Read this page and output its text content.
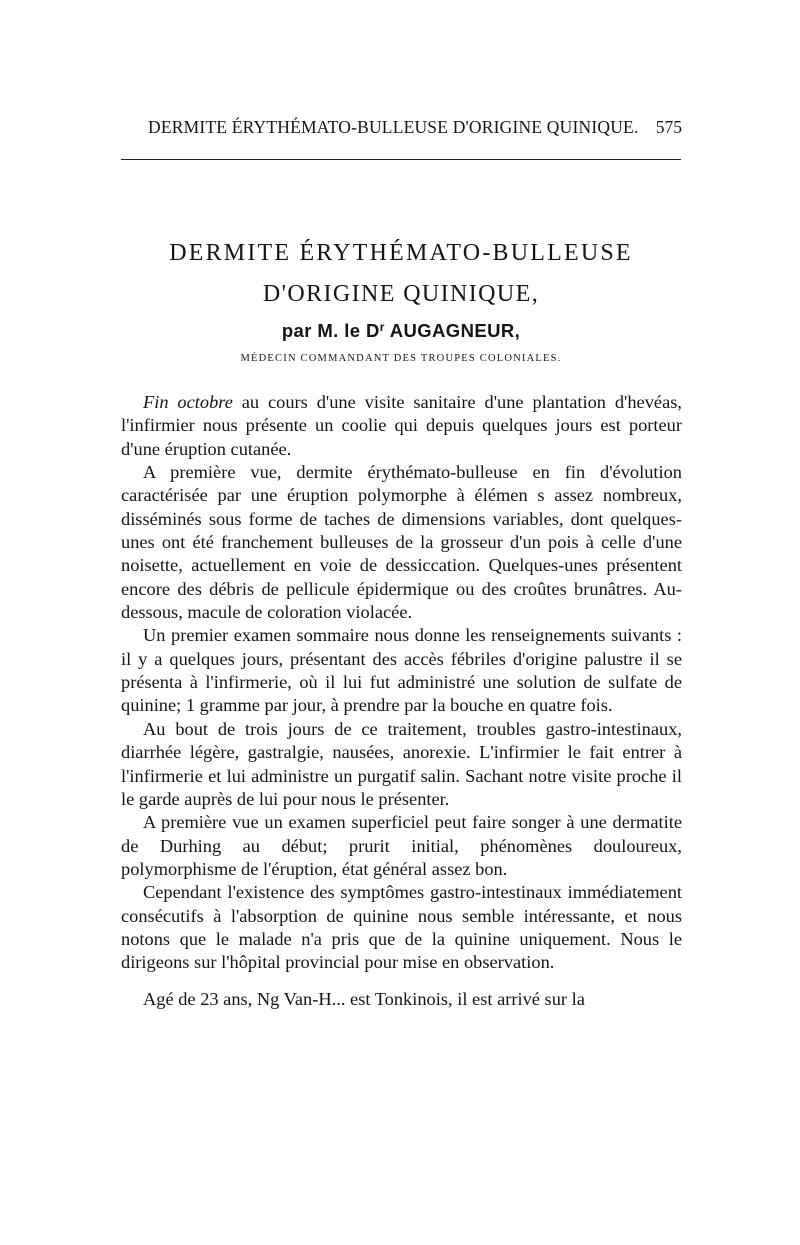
DERMITE ÉRYTHÉMATO-BULLEUSE D'ORIGINE QUINIQUE. 575
DERMITE ÉRYTHÉMATO-BULLEUSE
D'ORIGINE QUINIQUE,
par M. le $D^r$ AUGAGNEUR,
MÉDECIN COMMANDANT DES TROUPES COLONIALES.

Fin octobre au cours d'une visite sanitaire d'une plantation d'hevéas, l'infirmier nous présente un coolie qui depuis quelques jours est porteur d'une éruption cutanée.

A première vue, dermite érythémato-bulleuse en fin d'évolution caractérisée par une éruption polymorphe à élémen s assez nombreux, disséminés sous forme de taches de dimensions variables, dont quelques-unes ont été franchement bulleuses de la grosseur d'un pois à celle d'une noisette, actuellement en voie de dessiccation. Quelques-unes présentent encore des débris de pellicule épidermique ou des croûtes brunâtres. Au-dessous, macule de coloration violacée.

Un premier examen sommaire nous donne les renseignements suivants : il y a quelques jours, présentant des accès fébriles d'origine palustre il se présenta à l'infirmerie, où il lui fut administré une solution de sulfate de quinine; 1 gramme par jour, à prendre par la bouche en quatre fois.

Au bout de trois jours de ce traitement, troubles gastro-intestinaux, diarrhée légère, gastralgie, nausées, anorexie. L'infirmier le fait entrer à l'infirmerie et lui administre un purgatif salin. Sachant notre visite proche il le garde auprès de lui pour nous le présenter.

A première vue un examen superficiel peut faire songer à une dermatite de Durhing au début; prurit initial, phénomènes douloureux, polymorphisme de l'éruption, état général assez bon.

Cependant l'existence des symptômes gastro-intestinaux immédiatement consécutifs à l'absorption de quinine nous semble intéressante, et nous notons que le malade n'a pris que de la quinine uniquement. Nous le dirigeons sur l'hôpital provincial pour mise en observation.

Agé de 23 ans, Ng Van-H... est Tonkinois, il est arrivé sur la
